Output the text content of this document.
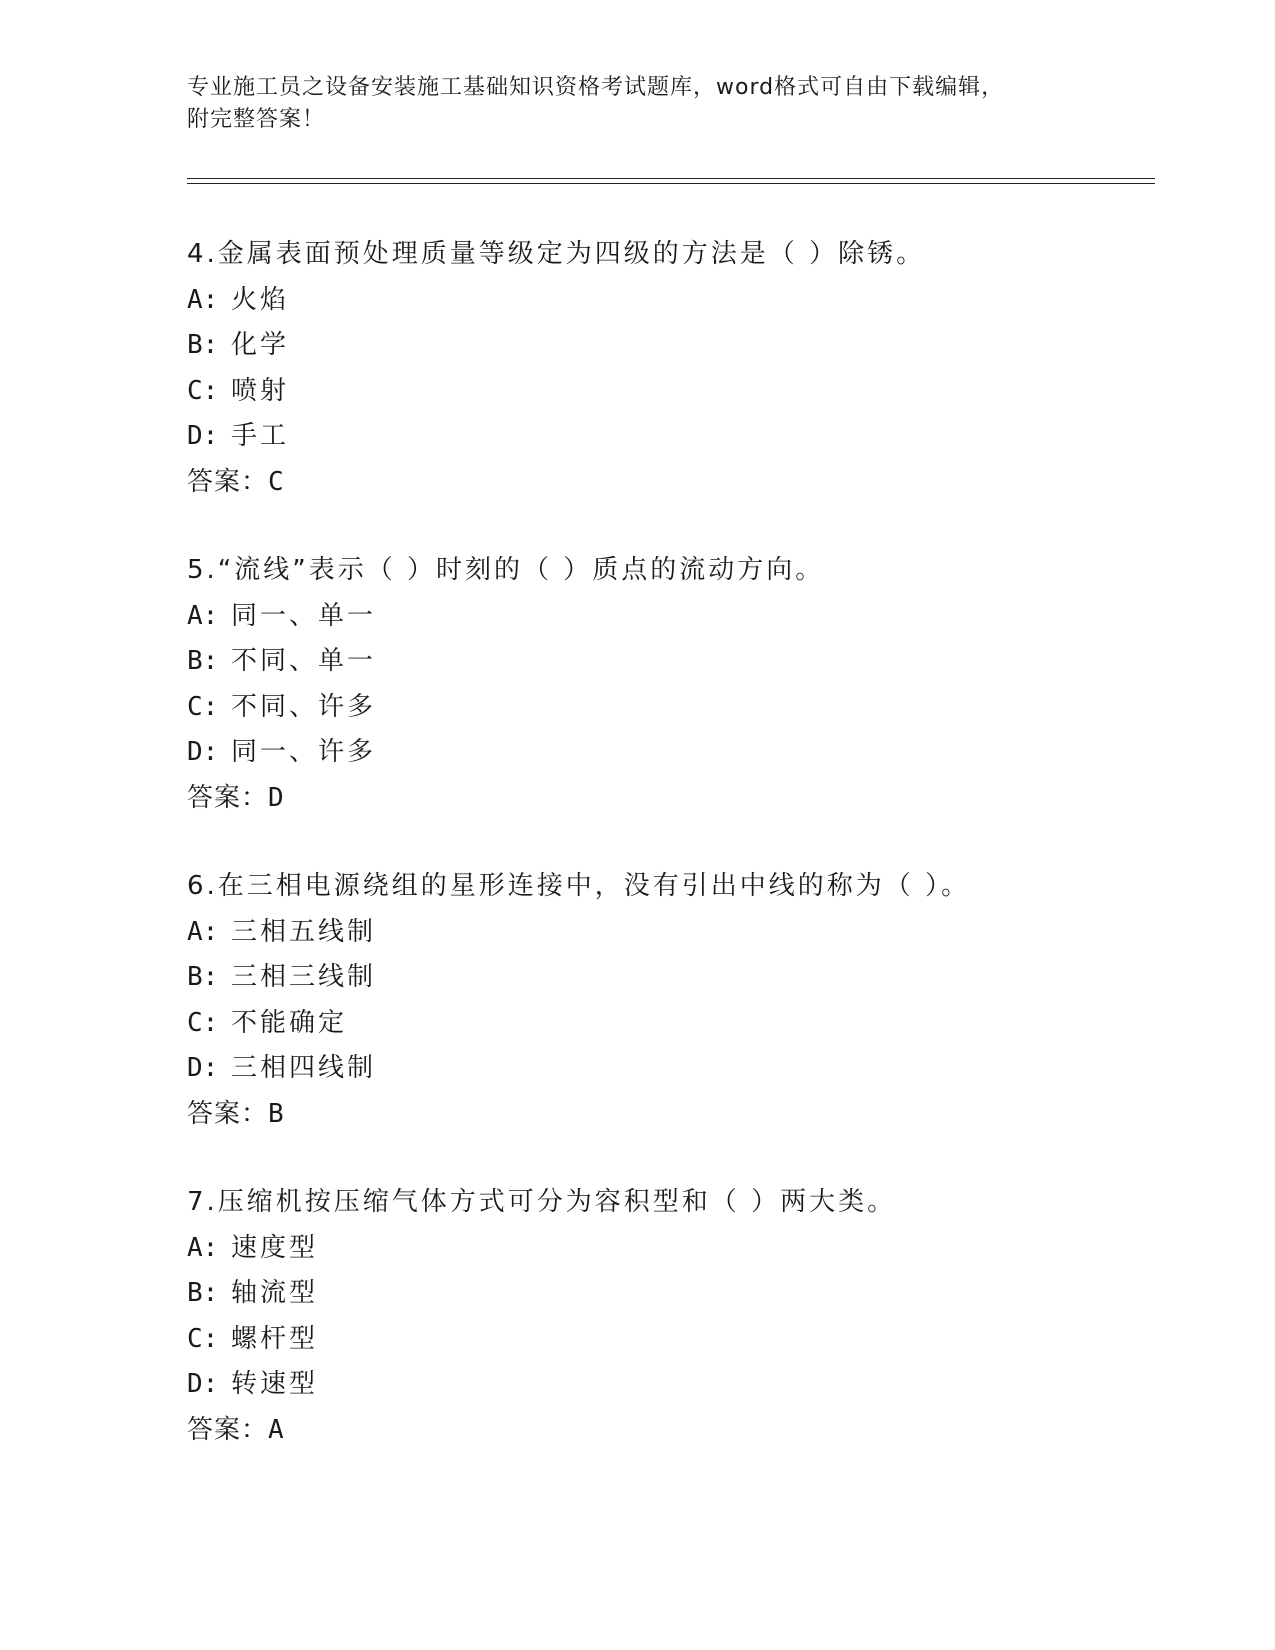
专业施工员之设备安装施工基础知识资格考试题库，word格式可自由下载编辑，
附完整答案！
4.金属表面预处理质量等级定为四级的方法是（ ）除锈。
A: 火焰
B: 化学
C: 喷射
D: 手工
答案：C
5.“流线”表示（ ）时刻的（ ）质点的流动方向。
A: 同一、单一
B: 不同、单一
C: 不同、许多
D: 同一、许多
答案：D
6.在三相电源绕组的星形连接中，没有引出中线的称为（ ）。
A: 三相五线制
B: 三相三线制
C: 不能确定
D: 三相四线制
答案：B
7.压缩机按压缩气体方式可分为容积型和（ ）两大类。
A: 速度型
B: 轴流型
C: 螺杆型
D: 转速型
答案：A
